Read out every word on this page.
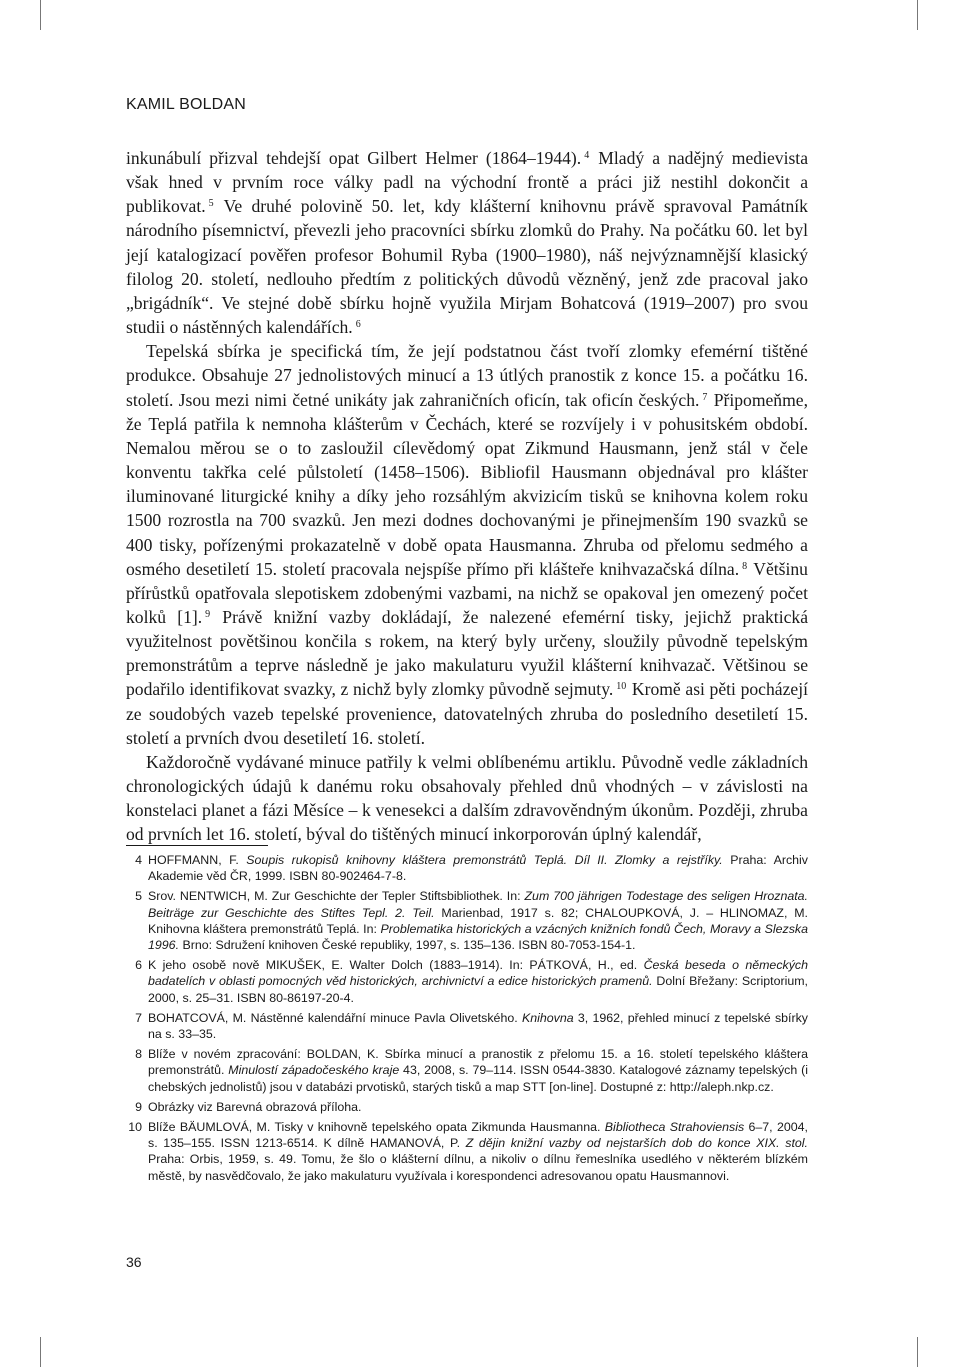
KAMIL BOLDAN

inkunábulí přizval tehdejší opat Gilbert Helmer (1864–1944). $^4$ Mladý a nadějný medievista však hned v prvním roce války padl na východní frontě a práci již nestihl dokončit a publikovat. $^5$ Ve druhé polovině 50. let, kdy klášterní knihovnu právě spravoval Památník národního písemnictví, převezli jeho pracovníci sbírku zlomků do Prahy. Na počátku 60. let byl její katalogizací pověřen profesor Bohumil Ryba (1900–1980), náš nejvýznamnější klasický filolog 20. století, nedlouho předtím z politických důvodů vězněný, jenž zde pracoval jako „brigádník“. Ve stejné době sbírku hojně využila Mirjam Bohatcová (1919–2007) pro svou studii o nástěnných kalendářích. $^6$

Tepelská sbírka je specifická tím, že její podstatnou část tvoří zlomky efemérní tištěné produkce. Obsahuje 27 jednolistových minucí a 13 útlých pranostik z konce 15. a počátku 16. století. Jsou mezi nimi četné unikáty jak zahraničních oficín, tak oficín českých. $^7$ Připomeňme, že Teplá patřila k nemnoha klášterům v Čechách, které se rozvíjely i v pohusitském období. Nemalou měrou se o to zasloužil cílevědomý opat Zikmund Hausmann, jenž stál v čele konventu takřka celé půlstoletí (1458–1506). Bibliofil Hausmann objednával pro klášter iluminované liturgické knihy a díky jeho rozsáhlým akvizicím tisků se knihovna kolem roku 1500 rozrostla na 700 svazků. Jen mezi dodnes dochovanými je přinejmenším 190 svazků se 400 tisky, pořízenými prokazatelně v době opata Hausmanna. Zhruba od přelomu sedmého a osmého desetiletí 15. století pracovala nejspíše přímo při klášteře knihvazačská dílna. $^8$ Většinu přírůstků opatřovala slepotiskem zdobenými vazbami, na nichž se opakoval jen omezený počet kolků [1]. $^9$ Právě knižní vazby dokládají, že nalezené efemérní tisky, jejichž praktická využitelnost povětšinou končila s rokem, na který byly určeny, sloužily původně tepelským premonstrátům a teprve následně je jako makulaturu využil klášterní knihvazač. Většinou se podařilo identifikovat svazky, z nichž byly zlomky původně sejmuty. $^{10}$ Kromě asi pěti pocházejí ze soudobých vazeb tepelské provenience, datovatelných zhruba do posledního desetiletí 15. století a prvních dvou desetiletí 16. století.

Každoročně vydávané minuce patřily k velmi oblíbenému artiklu. Původně vedle základních chronologických údajů k danému roku obsahovaly přehled dnů vhodných – v závislosti na konstelaci planet a fázi Měsíce – k venesekci a dalším zdravověndným úkonům. Později, zhruba od prvních let 16. století, býval do tištěných minucí inkorporován úplný kalendář,

4 HOFFMANN, F. Soupis rukopisů knihovny kláštera premonstrátů Teplá. Díl II. Zlomky a rejstříky. Praha: Archiv Akademie věd ČR, 1999. ISBN 80-902464-7-8.
5 Srov. NENTWICH, M. Zur Geschichte der Tepler Stiftsbibliothek. In: Zum 700 jährigen Todestage des seligen Hroznata. Beiträge zur Geschichte des Stiftes Tepl. 2. Teil. Marienbad, 1917 s. 82; CHALOUPKOVÁ, J. – HLINOMAZ, M. Knihovna kláštera premonstrátů Teplá. In: Problematika historických a vzácných knižních fondů Čech, Moravy a Slezska 1996. Brno: Sdružení knihoven České republiky, 1997, s. 135–136. ISBN 80-7053-154-1.
6 K jeho osobě nově MIKUŠEK, E. Walter Dolch (1883–1914). In: PÁTKOVÁ, H., ed. Česká beseda o německých badatelích v oblasti pomocných věd historických, archivnictví a edice historických pramenů. Dolní Břežany: Scriptorium, 2000, s. 25–31. ISBN 80-86197-20-4.
7 BOHATCOVÁ, M. Nástěnné kalendářní minuce Pavla Olivetského. Knihovna 3, 1962, přehled minucí z tepelské sbírky na s. 33–35.
8 Blíže v novém zpracování: BOLDAN, K. Sbírka minucí a pranostik z přelomu 15. a 16. století tepelského kláštera premonstrátů. Minulostí západočeského kraje 43, 2008, s. 79–114. ISSN 0544-3830. Katalogové záznamy tepelských (i chebských jednolistů) jsou v databázi prvotisků, starých tisků a map STT [on-line]. Dostupné z: http://aleph.nkp.cz.
9 Obrázky viz Barevná obrazová příloha.
10 Blíže BÄUMLOVÁ, M. Tisky v knihovně tepelského opata Zikmunda Hausmanna. Bibliotheca Strahoviensis 6–7, 2004, s. 135–155. ISSN 1213-6514. K dílně HAMANOVÁ, P. Z dějin knižní vazby od nejstarších dob do konce XIX. stol. Praha: Orbis, 1959, s. 49. Tomu, že šlo o klášterní dílnu, a nikoliv o dílnu řemeslníka usedlého v některém blízkém městě, by nasvědčovalo, že jako makulaturu využívala i korespondenci adresovanou opatu Hausmannovi.
36
